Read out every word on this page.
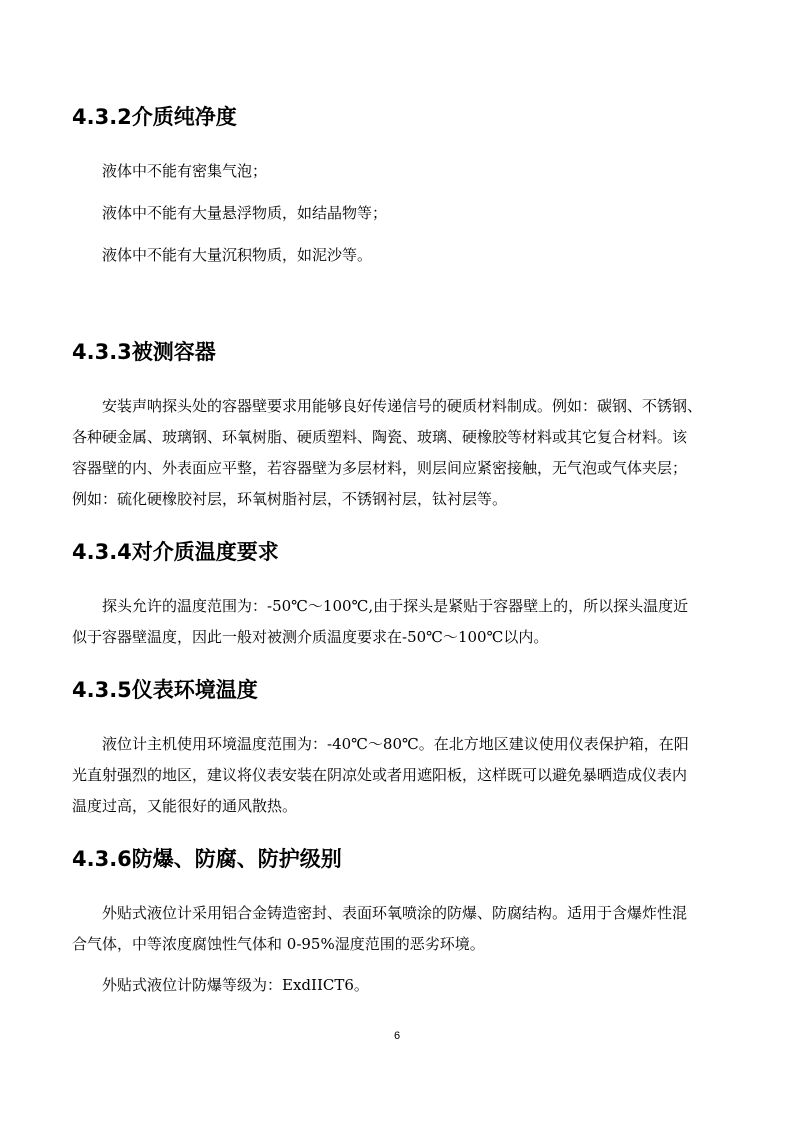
4.3.2介质纯净度

液体中不能有密集气泡；

液体中不能有大量悬浮物质，如结晶物等；

液体中不能有大量沉积物质，如泥沙等。

4.3.3被测容器

安装声呐探头处的容器壁要求用能够良好传递信号的硬质材料制成。例如：碳钢、不锈钢、

各种硬金属、玻璃钢、环氧树脂、硬质塑料、陶瓷、玻璃、硬橡胶等材料或其它复合材料。该

容器壁的内、外表面应平整，若容器壁为多层材料，则层间应紧密接触，无气泡或气体夹层；

例如：硫化硬橡胶衬层，环氧树脂衬层，不锈钢衬层，钛衬层等。

4.3.4对介质温度要求

探头允许的温度范围为：-50℃～100℃,由于探头是紧贴于容器壁上的，所以探头温度近

似于容器壁温度，因此一般对被测介质温度要求在-50℃～100℃以内。

4.3.5仪表环境温度

液位计主机使用环境温度范围为：-40℃～80℃。在北方地区建议使用仪表保护箱，在阳

光直射强烈的地区，建议将仪表安装在阴凉处或者用遮阳板，这样既可以避免暴晒造成仪表内

温度过高，又能很好的通风散热。

4.3.6防爆、防腐、防护级别

外贴式液位计采用铝合金铸造密封、表面环氧喷涂的防爆、防腐结构。适用于含爆炸性混

合气体，中等浓度腐蚀性气体和 0-95%湿度范围的恶劣环境。

外贴式液位计防爆等级为：ExdIICT6。

6
